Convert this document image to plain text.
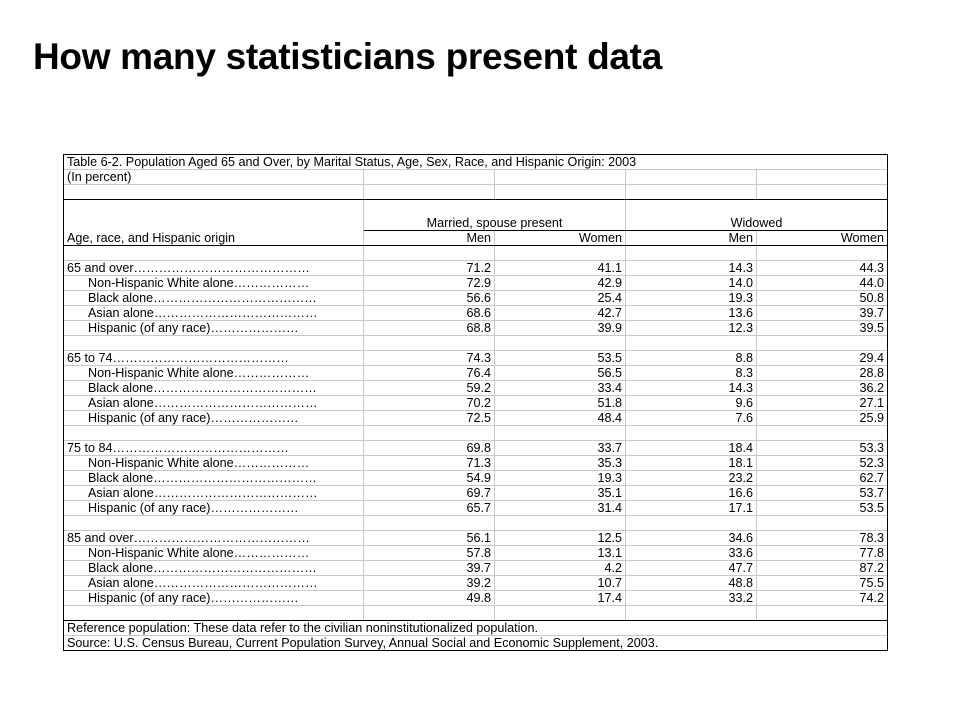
How many statisticians present data
Table 6-2. Population Aged 65 and Over, by Marital Status, Age, Sex, Race, and Hispanic Origin: 2003				
(In percent)				

Age, race, and Hispanic origin	Married, spouse present		Widowed	
	Men	Women	Men	Women

65 and over……………………………………	71.2	41.1	14.3	44.3
Non-Hispanic White alone………………	72.9	42.9	14.0	44.0
Black alone…………………………………	56.6	25.4	19.3	50.8
Asian alone…………………………………	68.6	42.7	13.6	39.7
Hispanic (of any race)…………………	68.8	39.9	12.3	39.5

65 to 74……………………………………	74.3	53.5	8.8	29.4
Non-Hispanic White alone………………	76.4	56.5	8.3	28.8
Black alone…………………………………	59.2	33.4	14.3	36.2
Asian alone…………………………………	70.2	51.8	9.6	27.1
Hispanic (of any race)…………………	72.5	48.4	7.6	25.9

75 to 84……………………………………	69.8	33.7	18.4	53.3
Non-Hispanic White alone………………	71.3	35.3	18.1	52.3
Black alone…………………………………	54.9	19.3	23.2	62.7
Asian alone…………………………………	69.7	35.1	16.6	53.7
Hispanic (of any race)…………………	65.7	31.4	17.1	53.5

85 and over……………………………………	56.1	12.5	34.6	78.3
Non-Hispanic White alone………………	57.8	13.1	33.6	77.8
Black alone…………………………………	39.7	4.2	47.7	87.2
Asian alone…………………………………	39.2	10.7	48.8	75.5
Hispanic (of any race)…………………	49.8	17.4	33.2	74.2

Reference population: These data refer to the civilian noninstitutionalized population.				
Source: U.S. Census Bureau, Current Population Survey, Annual Social and Economic Supplement, 2003.				
